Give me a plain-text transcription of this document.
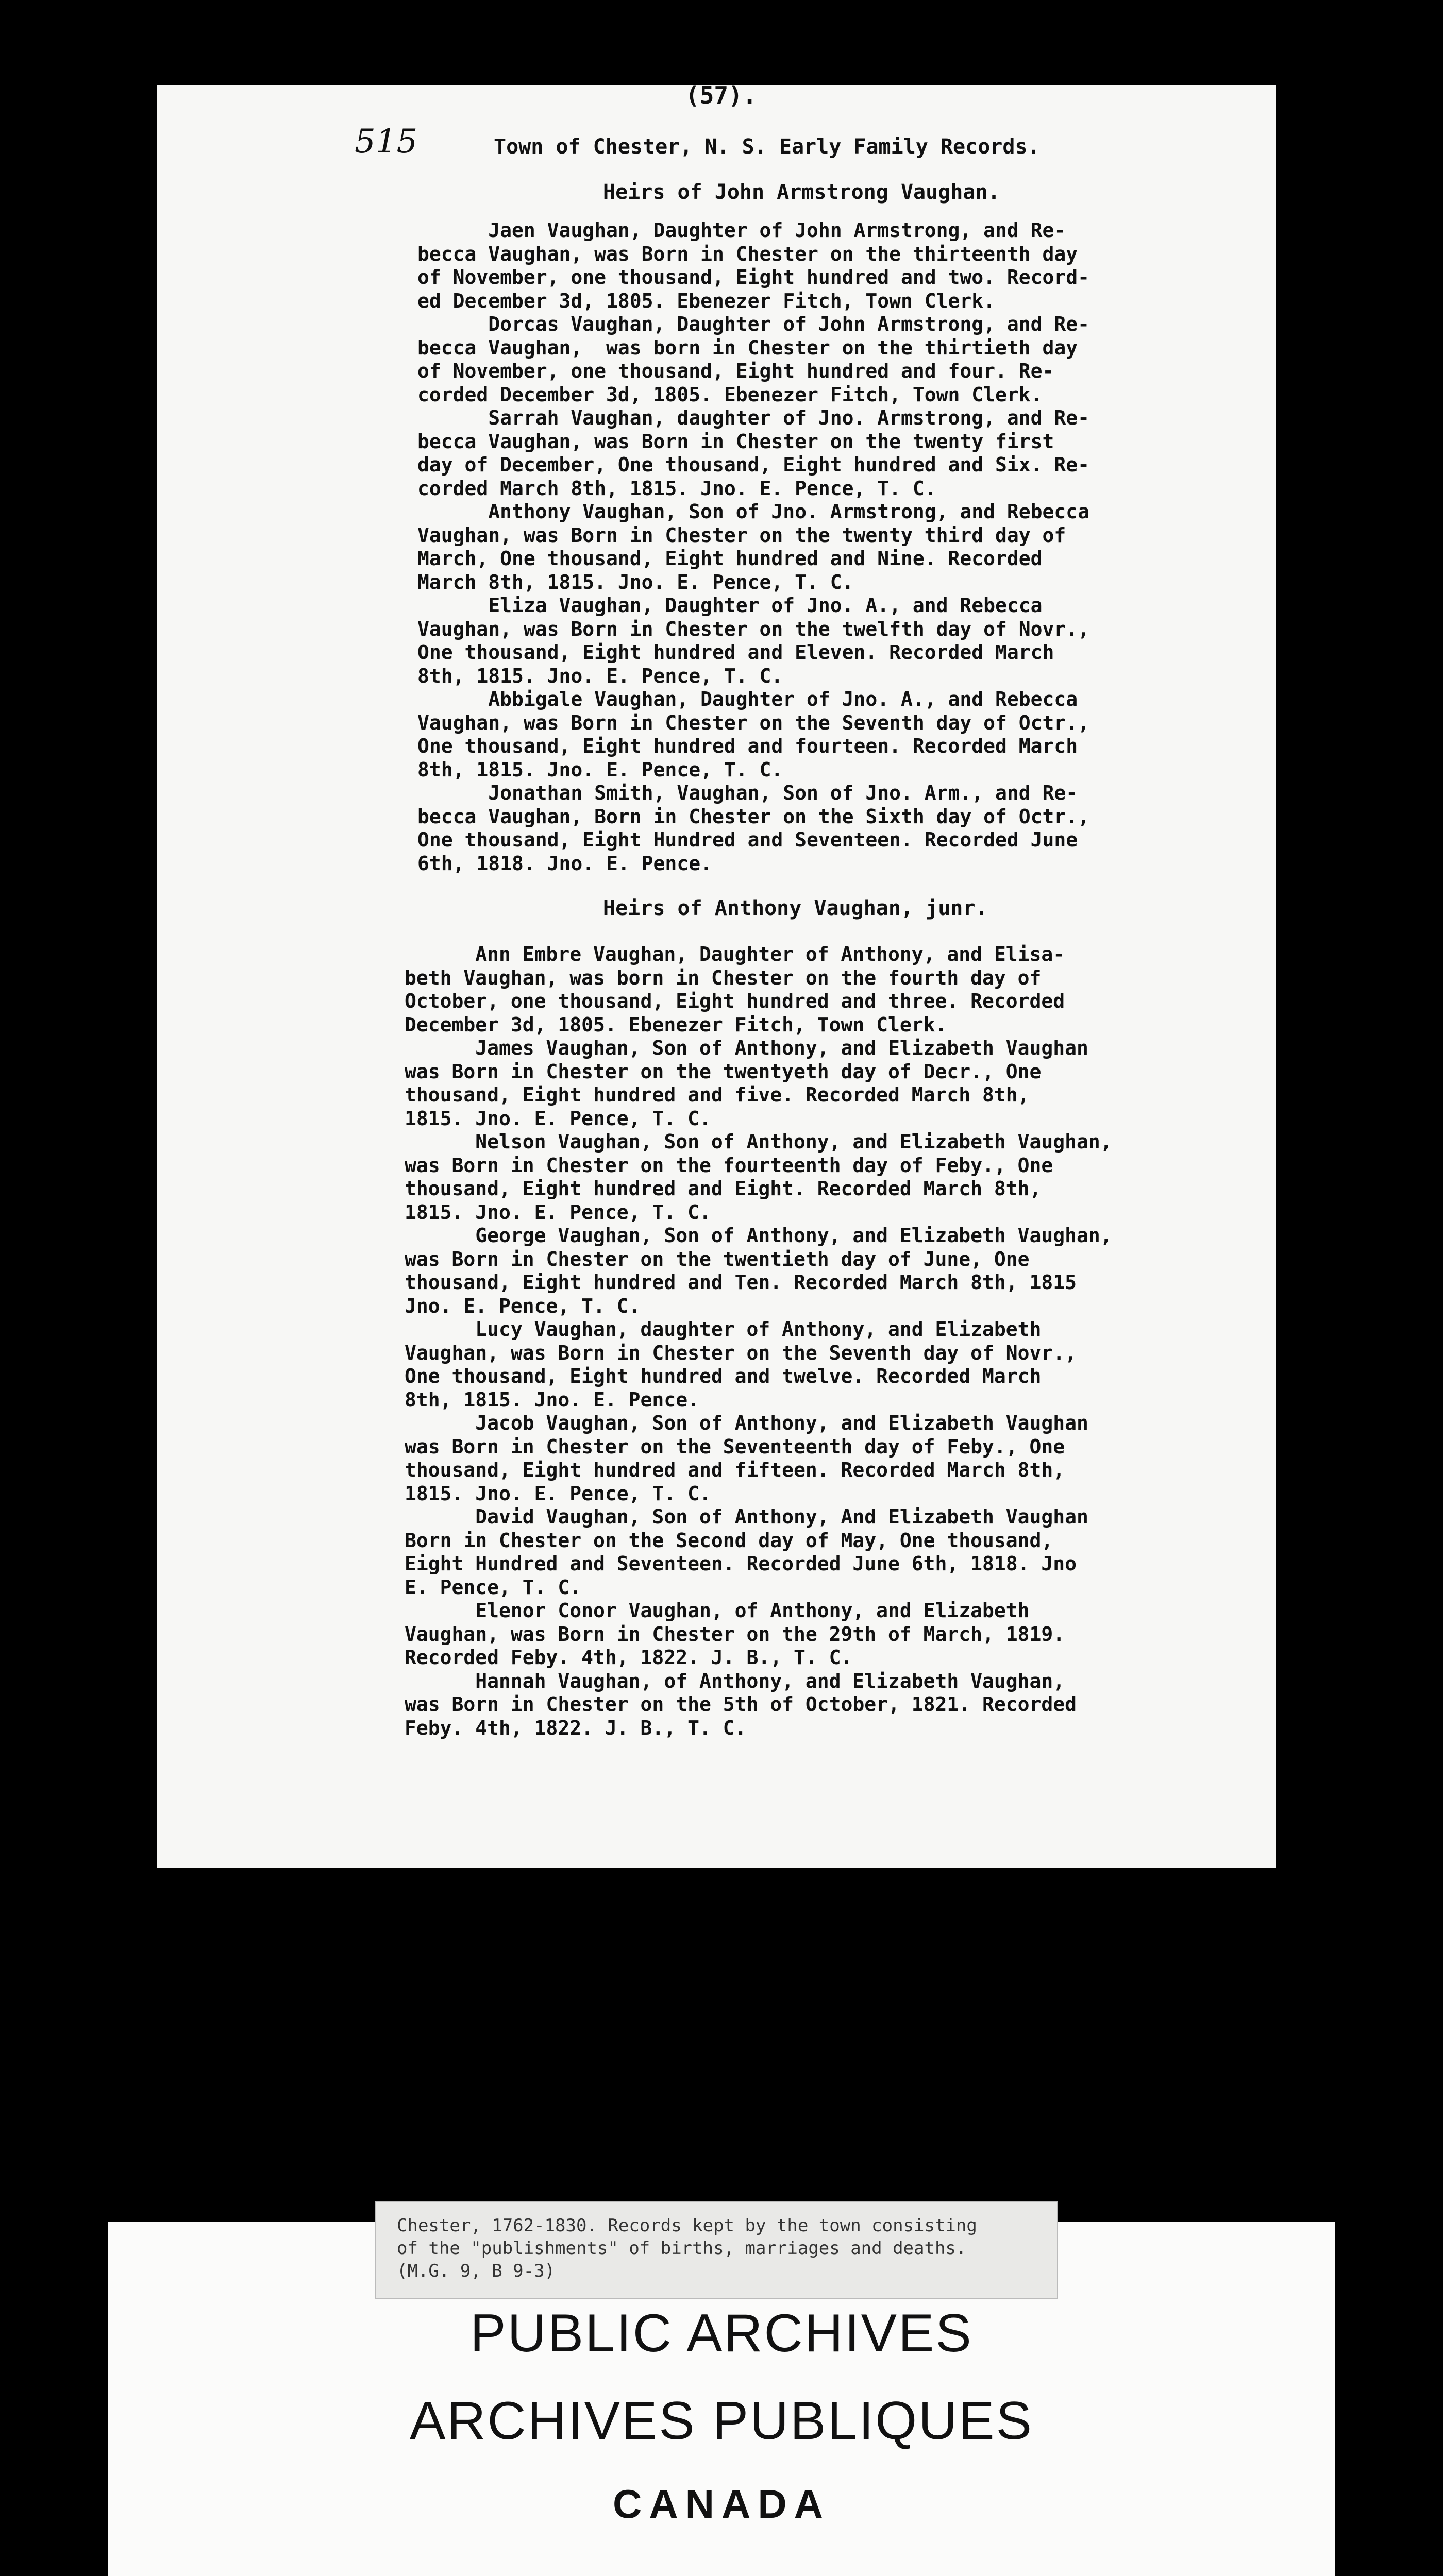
(57).
515	Town of Chester, N. S. Early Family Records.
Heirs of John Armstrong Vaughan.
Jaen Vaughan, Daughter of John Armstrong, and Re-
becca Vaughan, was Born in Chester on the thirteenth day
of November, one thousand, Eight hundred and two. Record-
ed December 3d, 1805. Ebenezer Fitch, Town Clerk.
Dorcas Vaughan, Daughter of John Armstrong, and Re-
becca Vaughan,  was born in Chester on the thirtieth day
of November, one thousand, Eight hundred and four. Re-
corded December 3d, 1805. Ebenezer Fitch, Town Clerk.
Sarrah Vaughan, daughter of Jno. Armstrong, and Re-
becca Vaughan, was Born in Chester on the twenty first
day of December, One thousand, Eight hundred and Six. Re-
corded March 8th, 1815. Jno. E. Pence, T. C.
Anthony Vaughan, Son of Jno. Armstrong, and Rebecca
Vaughan, was Born in Chester on the twenty third day of
March, One thousand, Eight hundred and Nine. Recorded
March 8th, 1815. Jno. E. Pence, T. C.
Eliza Vaughan, Daughter of Jno. A., and Rebecca
Vaughan, was Born in Chester on the twelfth day of Novr.,
One thousand, Eight hundred and Eleven. Recorded March
8th, 1815. Jno. E. Pence, T. C.
Abbigale Vaughan, Daughter of Jno. A., and Rebecca
Vaughan, was Born in Chester on the Seventh day of Octr.,
One thousand, Eight hundred and fourteen. Recorded March
8th, 1815. Jno. E. Pence, T. C.
Jonathan Smith, Vaughan, Son of Jno. Arm., and Re-
becca Vaughan, Born in Chester on the Sixth day of Octr.,
One thousand, Eight Hundred and Seventeen. Recorded June
6th, 1818. Jno. E. Pence.
Heirs of Anthony Vaughan, junr.
Ann Embre Vaughan, Daughter of Anthony, and Elisa-
beth Vaughan, was born in Chester on the fourth day of
October, one thousand, Eight hundred and three. Recorded
December 3d, 1805. Ebenezer Fitch, Town Clerk.
James Vaughan, Son of Anthony, and Elizabeth Vaughan
was Born in Chester on the twentyeth day of Decr., One
thousand, Eight hundred and five. Recorded March 8th,
1815. Jno. E. Pence, T. C.
Nelson Vaughan, Son of Anthony, and Elizabeth Vaughan,
was Born in Chester on the fourteenth day of Feby., One
thousand, Eight hundred and Eight. Recorded March 8th,
1815. Jno. E. Pence, T. C.
George Vaughan, Son of Anthony, and Elizabeth Vaughan,
was Born in Chester on the twentieth day of June, One
thousand, Eight hundred and Ten. Recorded March 8th, 1815
Jno. E. Pence, T. C.
Lucy Vaughan, daughter of Anthony, and Elizabeth
Vaughan, was Born in Chester on the Seventh day of Novr.,
One thousand, Eight hundred and twelve. Recorded March
8th, 1815. Jno. E. Pence.
Jacob Vaughan, Son of Anthony, and Elizabeth Vaughan
was Born in Chester on the Seventeenth day of Feby., One
thousand, Eight hundred and fifteen. Recorded March 8th,
1815. Jno. E. Pence, T. C.
David Vaughan, Son of Anthony, And Elizabeth Vaughan
Born in Chester on the Second day of May, One thousand,
Eight Hundred and Seventeen. Recorded June 6th, 1818. Jno
E. Pence, T. C.
Elenor Conor Vaughan, of Anthony, and Elizabeth
Vaughan, was Born in Chester on the 29th of March, 1819.
Recorded Feby. 4th, 1822. J. B., T. C.
Hannah Vaughan, of Anthony, and Elizabeth Vaughan,
was Born in Chester on the 5th of October, 1821. Recorded
Feby. 4th, 1822. J. B., T. C.
Chester, 1762-1830. Records kept by the town consisting
of the "publishments" of births, marriages and deaths.
(M.G. 9, B 9-3)
PUBLIC ARCHIVES
ARCHIVES PUBLIQUES
CANADA
